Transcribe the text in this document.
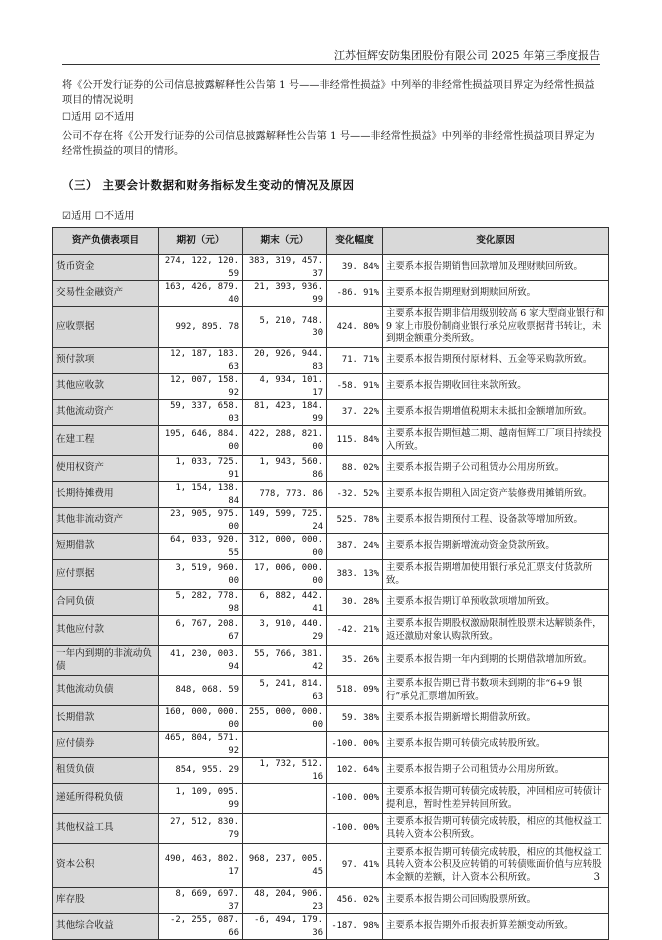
江苏恒辉安防集团股份有限公司 2025 年第三季度报告
将《公开发行证券的公司信息披露解释性公告第 1 号——非经常性损益》中列举的非经常性损益项目界定为经常性损益项目的情况说明
☐适用 ☑不适用
公司不存在将《公开发行证券的公司信息披露解释性公告第 1 号——非经常性损益》中列举的非经常性损益项目界定为经常性损益的项目的情形。
（三） 主要会计数据和财务指标发生变动的情况及原因
☑适用 ☐不适用
资产负债表项目	期初（元）	期末（元）	变化幅度	变化原因
货币资金	274, 122, 120. 59	383, 319, 457. 37	39. 84%	主要系本报告期销售回款增加及理财赎回所致。
交易性金融资产	163, 426, 879. 40	21, 393, 936. 99	-86. 91%	主要系本报告期理财到期赎回所致。
应收票据	992, 895. 78	5, 210, 748. 30	424. 80%	主要系本报告期非信用级别较高 6 家大型商业银行和 9 家上市股份制商业银行承兑应收票据背书转让，未到期金额重分类所致。
预付款项	12, 187, 183. 63	20, 926, 944. 83	71. 71%	主要系本报告期预付原材料、五金等采购款所致。
其他应收款	12, 007, 158. 92	4, 934, 101. 17	-58. 91%	主要系本报告期收回往来款所致。
其他流动资产	59, 337, 658. 03	81, 423, 184. 99	37. 22%	主要系本报告期增值税期末未抵扣金额增加所致。
在建工程	195, 646, 884. 00	422, 288, 821. 00	115. 84%	主要系本报告期恒越二期、越南恒辉工厂项目持续投入所致。
使用权资产	1, 033, 725. 91	1, 943, 560. 86	88. 02%	主要系本报告期子公司租赁办公用房所致。
长期待摊费用	1, 154, 138. 84	778, 773. 86	-32. 52%	主要系本报告期租入固定资产装修费用摊销所致。
其他非流动资产	23, 905, 975. 00	149, 599, 725. 24	525. 78%	主要系本报告期预付工程、设备款等增加所致。
短期借款	64, 033, 920. 55	312, 000, 000. 00	387. 24%	主要系本报告期新增流动资金贷款所致。
应付票据	3, 519, 960. 00	17, 006, 000. 00	383. 13%	主要系本报告期增加使用银行承兑汇票支付货款所致。
合同负债	5, 282, 778. 98	6, 882, 442. 41	30. 28%	主要系本报告期订单预收款项增加所致。
其他应付款	6, 767, 208. 67	3, 910, 440. 29	-42. 21%	主要系本报告期股权激励限制性股票未达解锁条件，返还激励对象认购款所致。
一年内到期的非流动负债	41, 230, 003. 94	55, 766, 381. 42	35. 26%	主要系本报告期一年内到期的长期借款增加所致。
其他流动负债	848, 068. 59	5, 241, 814. 63	518. 09%	主要系本报告期已背书数项未到期的非“6+9 银行”承兑汇票增加所致。
长期借款	160, 000, 000. 00	255, 000, 000. 00	59. 38%	主要系本报告期新增长期借款所致。
应付债券	465, 804, 571. 92		-100. 00%	主要系本报告期可转债完成转股所致。
租赁负债	854, 955. 29	1, 732, 512. 16	102. 64%	主要系本报告期子公司租赁办公用房所致。
递延所得税负债	1, 109, 095. 99		-100. 00%	主要系本报告期可转债完成转股，冲回相应可转债计提利息，暂时性差异转回所致。
其他权益工具	27, 512, 830. 79		-100. 00%	主要系本报告期可转债完成转股，相应的其他权益工具转入资本公积所致。
资本公积	490, 463, 802. 17	968, 237, 005. 45	97. 41%	主要系本报告期可转债完成转股，相应的其他权益工具转入资本公积及应转销的可转债账面价值与应转股本金额的差额，计入资本公积所致。
库存股	8, 669, 697. 37	48, 204, 906. 23	456. 02%	主要系本报告期公司回购股票所致。
其他综合收益	-2, 255, 087. 66	-6, 494, 179. 36	-187. 98%	主要系本报告期外币报表折算差额变动所致。
3
